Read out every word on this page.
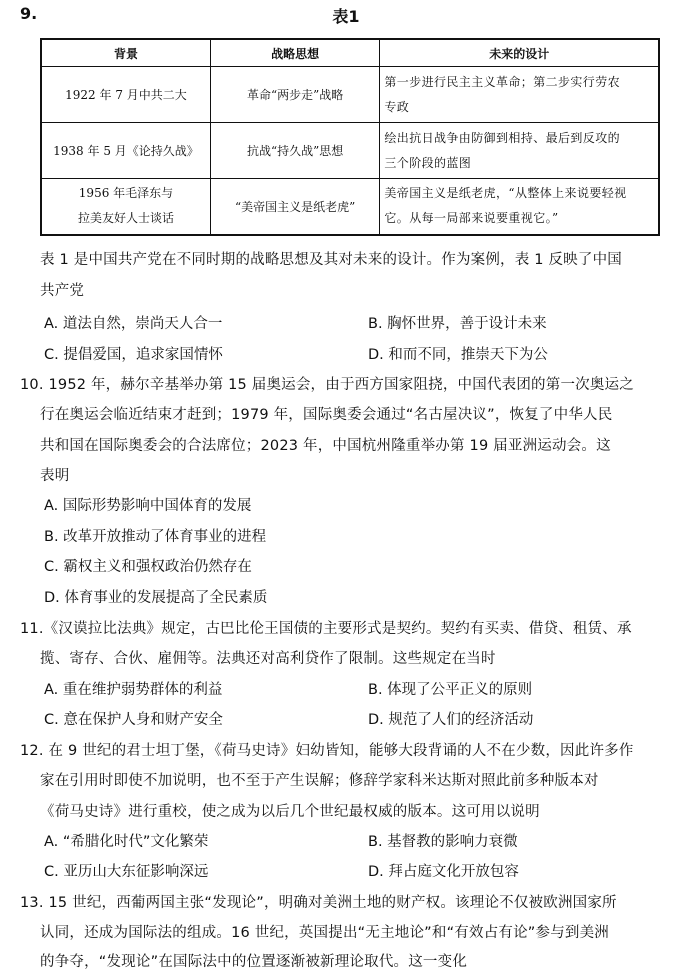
9.	表1
背景	战略思想	未来的设计
1922 年 7 月中共二大	革命“两步走”战略	第一步进行民主主义革命；第二步实行劳农
专政
1938 年 5 月《论持久战》	抗战“持久战”思想	绘出抗日战争由防御到相持、最后到反攻的
三个阶段的蓝图
1956 年毛泽东与
拉美友好人士谈话	“美帝国主义是纸老虎”	美帝国主义是纸老虎，“从整体上来说要轻视
它。从每一局部来说要重视它。”
表 1 是中国共产党在不同时期的战略思想及其对未来的设计。作为案例，表 1 反映了中国
共产党
A. 道法自然，崇尚天人合一	B. 胸怀世界，善于设计未来
C. 提倡爱国，追求家国情怀	D. 和而不同，推崇天下为公
10. 1952 年，赫尔辛基举办第 15 届奥运会，由于西方国家阻挠，中国代表团的第一次奥运之
行在奥运会临近结束才赶到；1979 年，国际奥委会通过“名古屋决议”，恢复了中华人民
共和国在国际奥委会的合法席位；2023 年，中国杭州隆重举办第 19 届亚洲运动会。这
表明
A. 国际形势影响中国体育的发展
B. 改革开放推动了体育事业的进程
C. 霸权主义和强权政治仍然存在
D. 体育事业的发展提高了全民素质
11.《汉谟拉比法典》规定，古巴比伦王国债的主要形式是契约。契约有买卖、借贷、租赁、承
揽、寄存、合伙、雇佣等。法典还对高利贷作了限制。这些规定在当时
A. 重在维护弱势群体的利益	B. 体现了公平正义的原则
C. 意在保护人身和财产安全	D. 规范了人们的经济活动
12. 在 9 世纪的君士坦丁堡，《荷马史诗》妇幼皆知，能够大段背诵的人不在少数，因此许多作
家在引用时即使不加说明，也不至于产生误解；修辞学家科米达斯对照此前多种版本对
《荷马史诗》进行重校，使之成为以后几个世纪最权威的版本。这可用以说明
A. “希腊化时代”文化繁荣	B. 基督教的影响力衰微
C. 亚历山大东征影响深远	D. 拜占庭文化开放包容
13. 15 世纪，西葡两国主张“发现论”，明确对美洲土地的财产权。该理论不仅被欧洲国家所
认同，还成为国际法的组成。16 世纪，英国提出“无主地论”和“有效占有论”参与到美洲
的争夺，“发现论”在国际法中的位置逐渐被新理论取代。这一变化
